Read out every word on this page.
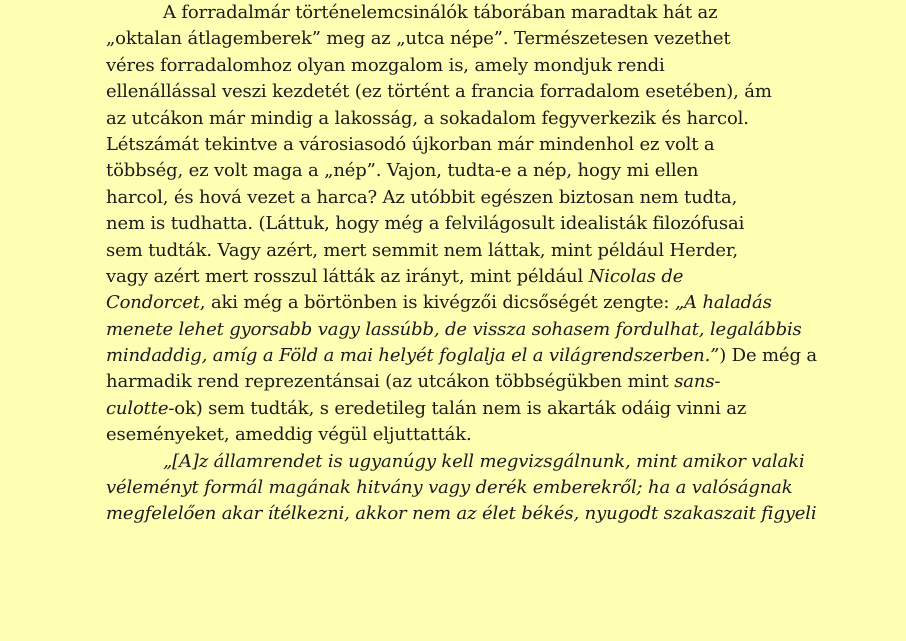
A forradalmár történelemcsinálók táborában maradtak hát az
„oktalan átlagemberek” meg az „utca népe”. Természetesen vezethet
véres forradalomhoz olyan mozgalom is, amely mondjuk rendi
ellenállással veszi kezdetét (ez történt a francia forradalom esetében), ám
az utcákon már mindig a lakosság, a sokadalom fegyverkezik és harcol.
Létszámát tekintve a városiasodó újkorban már mindenhol ez volt a
többség, ez volt maga a „nép”. Vajon, tudta-e a nép, hogy mi ellen
harcol, és hová vezet a harca? Az utóbbit egészen biztosan nem tudta,
nem is tudhatta. (Láttuk, hogy még a felvilágosult idealisták filozófusai
sem tudták. Vagy azért, mert semmit nem láttak, mint például Herder,
vagy azért mert rosszul látták az irányt, mint például Nicolas de
Condorcet, aki még a börtönben is kivégzői dicsőségét zengte: „A haladás
menete lehet gyorsabb vagy lassúbb, de vissza sohasem fordulhat, legalábbis
mindaddig, amíg a Föld a mai helyét foglalja el a világrendszerben.”) De még a
harmadik rend reprezentánsai (az utcákon többségükben mint sans-
culotte-ok) sem tudták, s eredetileg talán nem is akarták odáig vinni az
eseményeket, ameddig végül eljuttatták.
„[A]z államrendet is ugyanúgy kell megvizsgálnunk, mint amikor valaki
véleményt formál magának hitvány vagy derék emberekről; ha a valóságnak
megfelelően akar ítélkezni, akkor nem az élet békés, nyugodt szakaszait figyeli
